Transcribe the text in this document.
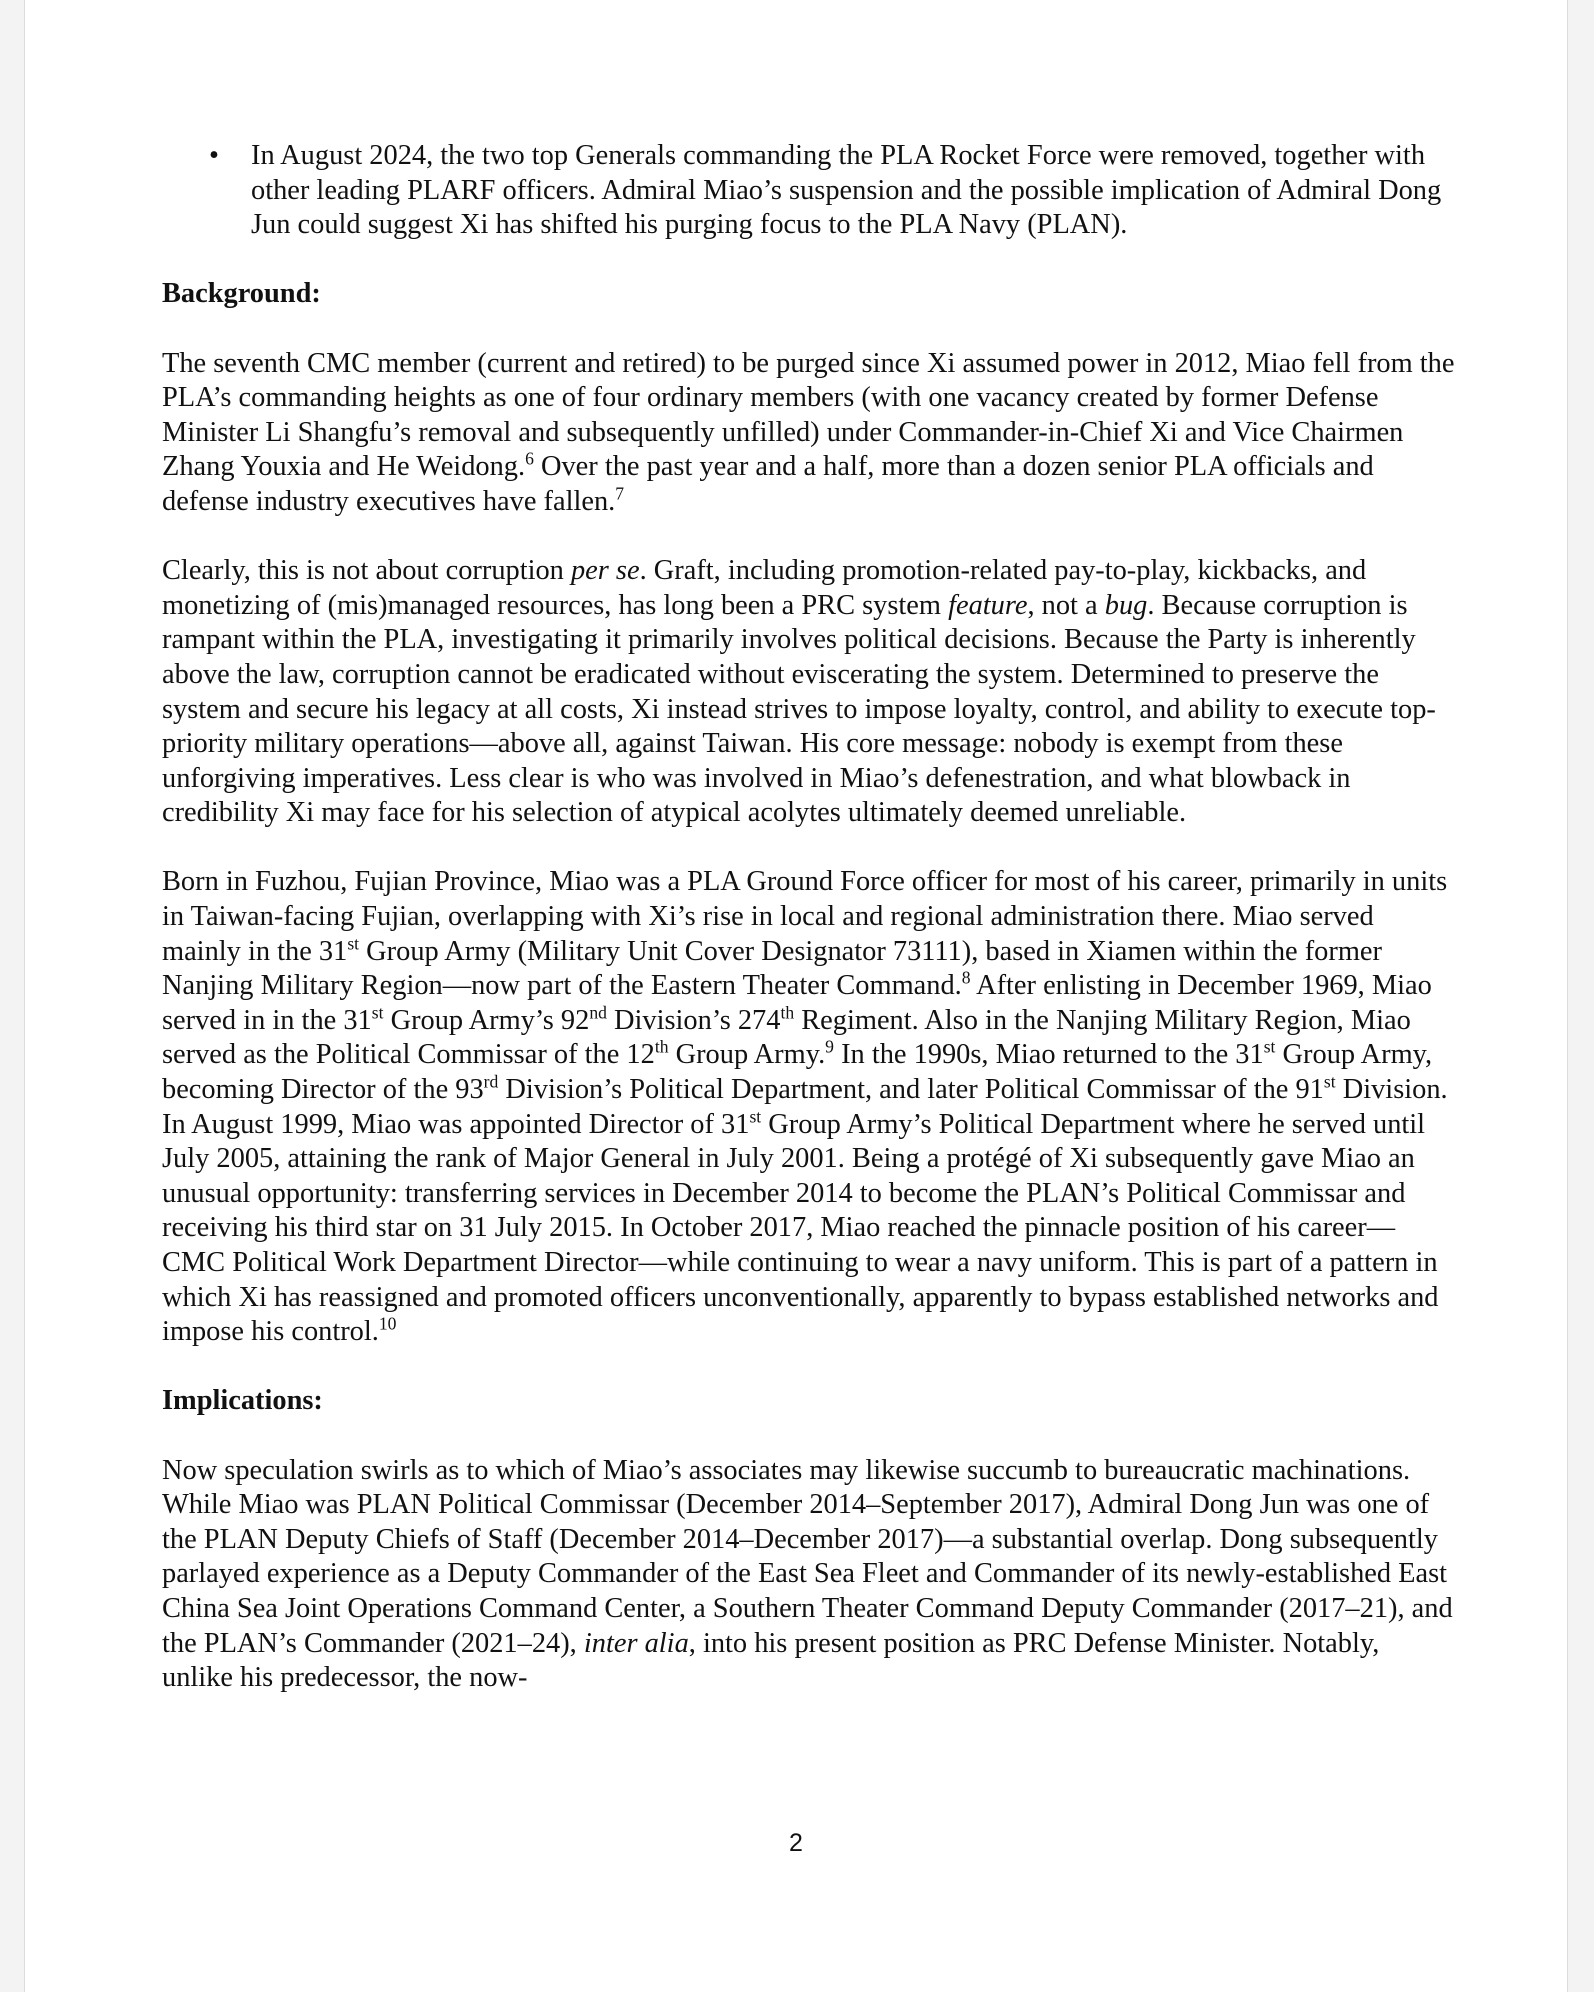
• In August 2024, the two top Generals commanding the PLA Rocket Force were removed, together with other leading PLARF officers. Admiral Miao’s suspension and the possible implication of Admiral Dong Jun could suggest Xi has shifted his purging focus to the PLA Navy (PLAN).
Background:

The seventh CMC member (current and retired) to be purged since Xi assumed power in 2012, Miao fell from the PLA’s commanding heights as one of four ordinary members (with one vacancy created by former Defense Minister Li Shangfu’s removal and subsequently unfilled) under Commander-in-Chief Xi and Vice Chairmen Zhang Youxia and He Weidong.$^6$ Over the past year and a half, more than a dozen senior PLA officials and defense industry executives have fallen.$^7$

Clearly, this is not about corruption per se. Graft, including promotion-related pay-to-play, kickbacks, and monetizing of (mis)managed resources, has long been a PRC system feature, not a bug. Because corruption is rampant within the PLA, investigating it primarily involves political decisions. Because the Party is inherently above the law, corruption cannot be eradicated without eviscerating the system. Determined to preserve the system and secure his legacy at all costs, Xi instead strives to impose loyalty, control, and ability to execute top-priority military operations—above all, against Taiwan. His core message: nobody is exempt from these unforgiving imperatives. Less clear is who was involved in Miao’s defenestration, and what blowback in credibility Xi may face for his selection of atypical acolytes ultimately deemed unreliable.

Born in Fuzhou, Fujian Province, Miao was a PLA Ground Force officer for most of his career, primarily in units in Taiwan-facing Fujian, overlapping with Xi’s rise in local and regional administration there. Miao served mainly in the 31st Group Army (Military Unit Cover Designator 73111), based in Xiamen within the former Nanjing Military Region—now part of the Eastern Theater Command.$^8$ After enlisting in December 1969, Miao served in in the 31st Group Army’s 92nd Division’s 274th Regiment. Also in the Nanjing Military Region, Miao served as the Political Commissar of the 12th Group Army.$^9$ In the 1990s, Miao returned to the 31st Group Army, becoming Director of the 93rd Division’s Political Department, and later Political Commissar of the 91st Division. In August 1999, Miao was appointed Director of 31st Group Army’s Political Department where he served until July 2005, attaining the rank of Major General in July 2001. Being a protégé of Xi subsequently gave Miao an unusual opportunity: transferring services in December 2014 to become the PLAN’s Political Commissar and receiving his third star on 31 July 2015. In October 2017, Miao reached the pinnacle position of his career—CMC Political Work Department Director—while continuing to wear a navy uniform. This is part of a pattern in which Xi has reassigned and promoted officers unconventionally, apparently to bypass established networks and impose his control.$^{10}$

Implications:

Now speculation swirls as to which of Miao’s associates may likewise succumb to bureaucratic machinations. While Miao was PLAN Political Commissar (December 2014–September 2017), Admiral Dong Jun was one of the PLAN Deputy Chiefs of Staff (December 2014–December 2017)—a substantial overlap. Dong subsequently parlayed experience as a Deputy Commander of the East Sea Fleet and Commander of its newly-established East China Sea Joint Operations Command Center, a Southern Theater Command Deputy Commander (2017–21), and the PLAN’s Commander (2021–24), inter alia, into his present position as PRC Defense Minister. Notably, unlike his predecessor, the now-

2
